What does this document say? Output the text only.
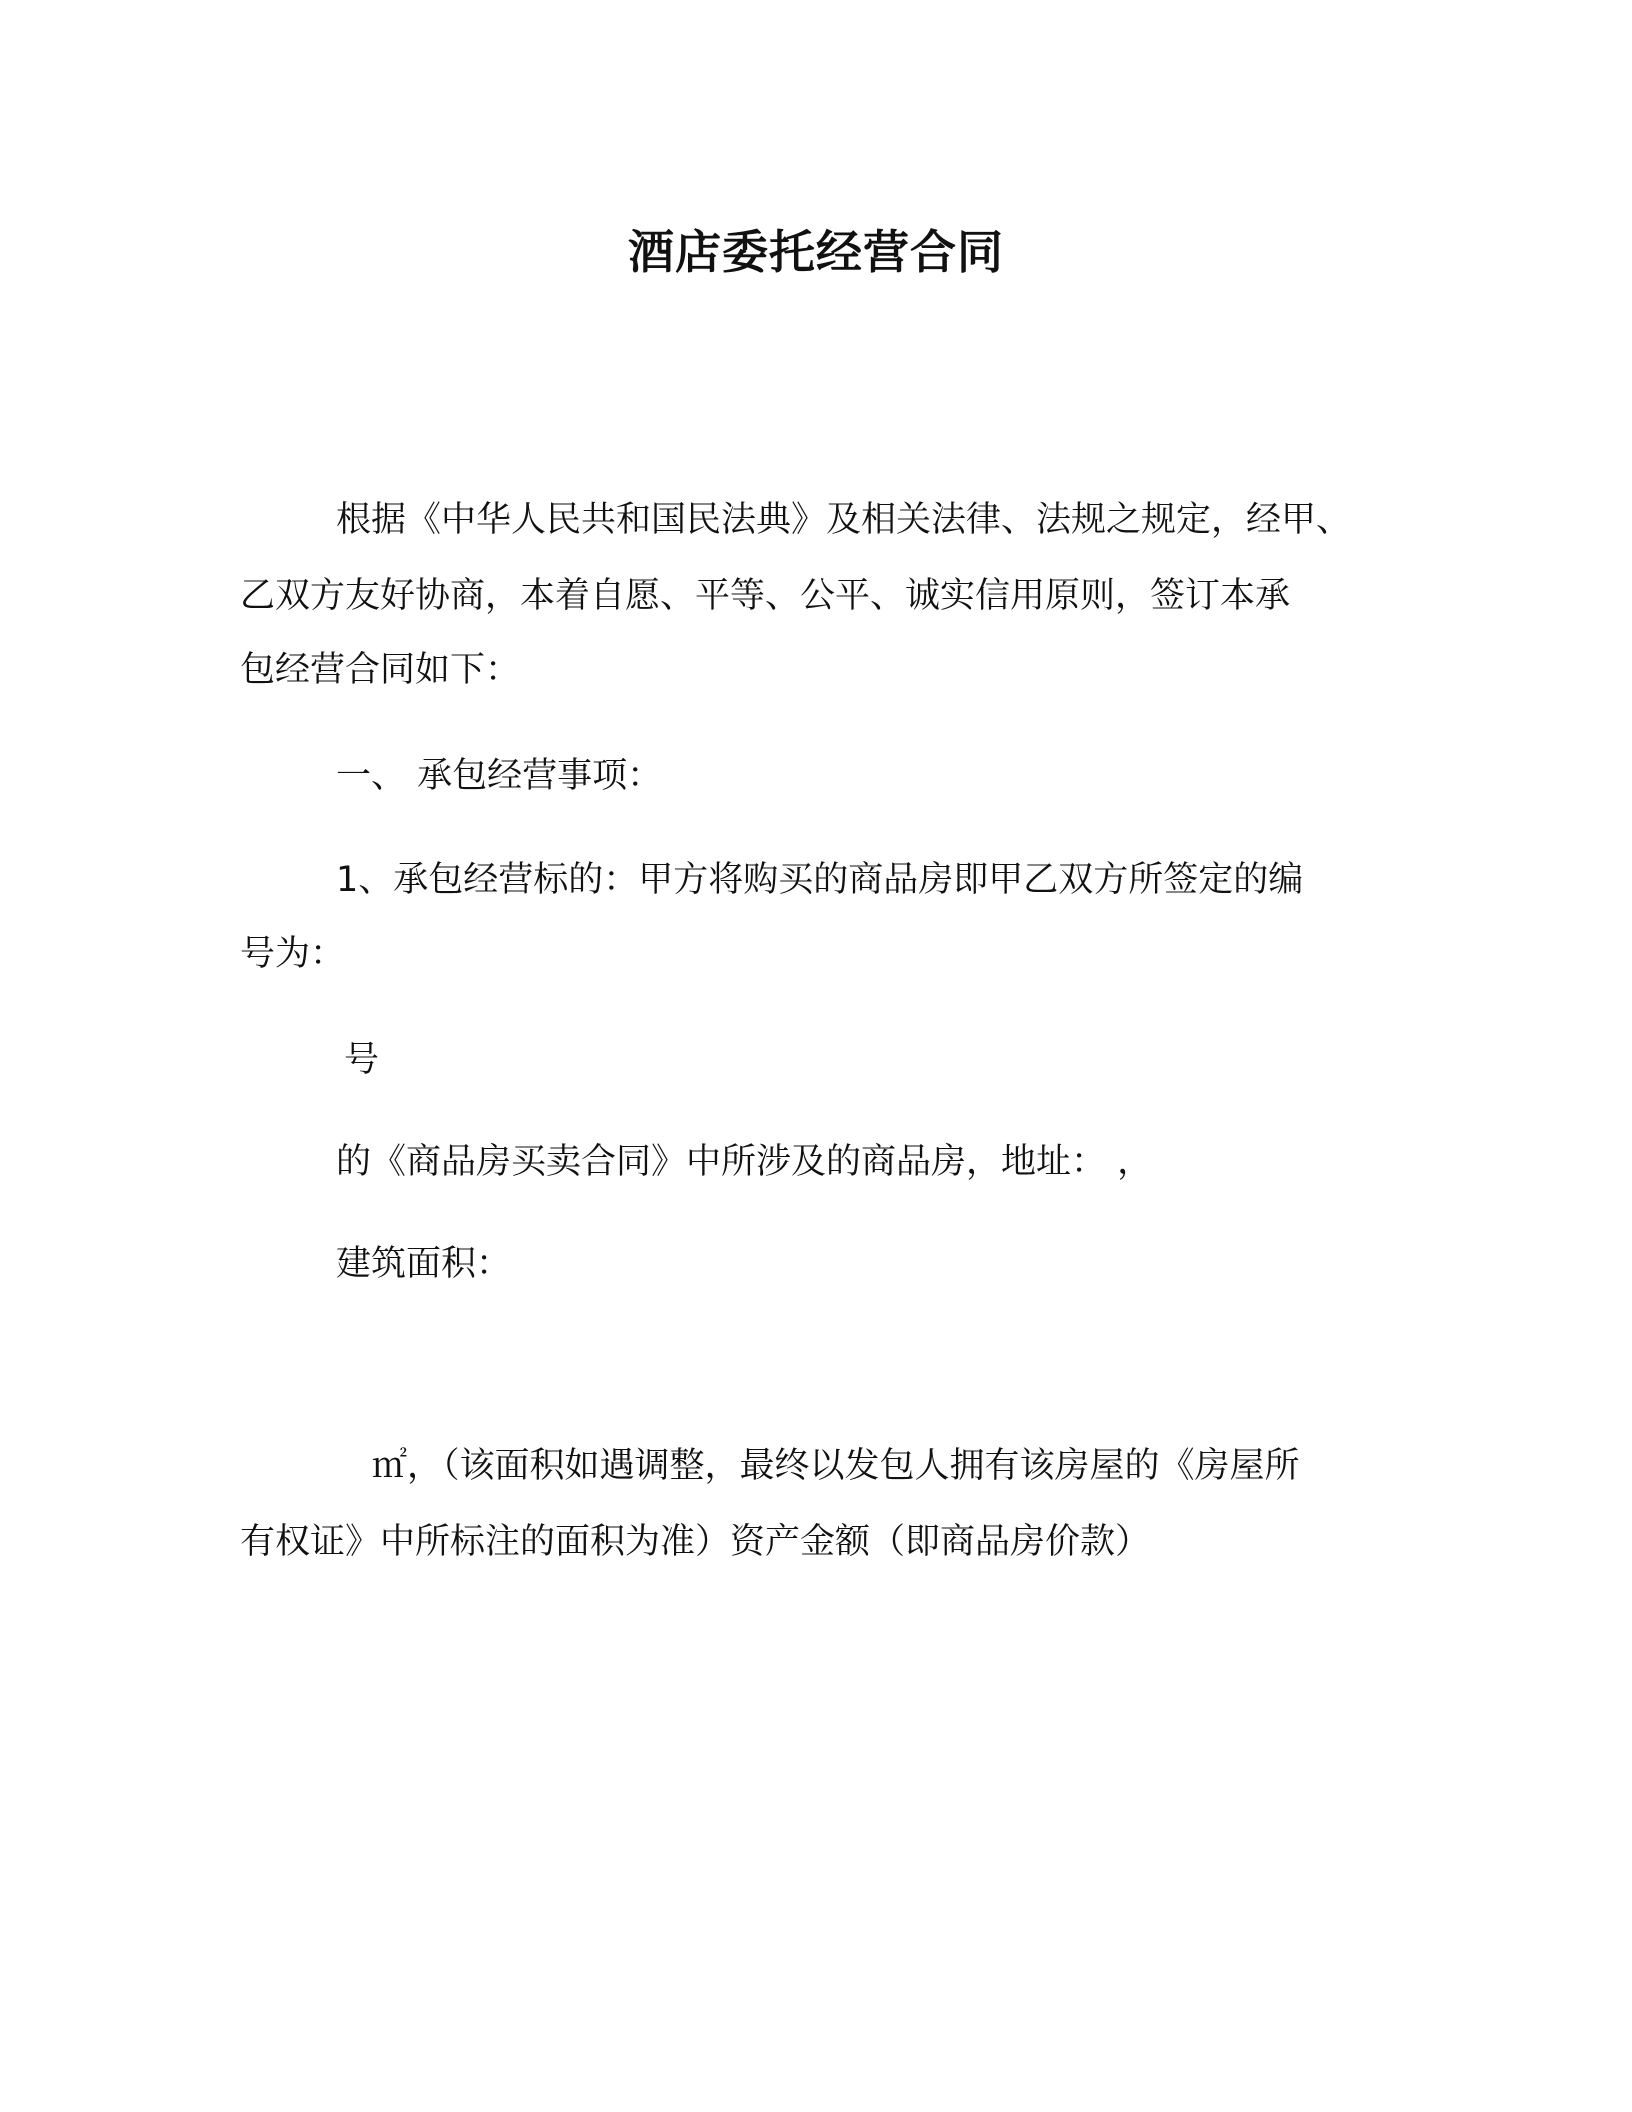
酒店委托经营合同
根据《中华人民共和国民法典》及相关法律、法规之规定，经甲、
乙双方友好协商，本着自愿、平等、公平、诚实信用原则，签订本承
包经营合同如下：
一、 承包经营事项：
1、承包经营标的：甲方将购买的商品房即甲乙双方所签定的编
号为：
号
的《商品房买卖合同》中所涉及的商品房，地址： ，
建筑面积：
㎡，（该面积如遇调整，最终以发包人拥有该房屋的《房屋所
有权证》中所标注的面积为准）资产金额（即商品房价款）
